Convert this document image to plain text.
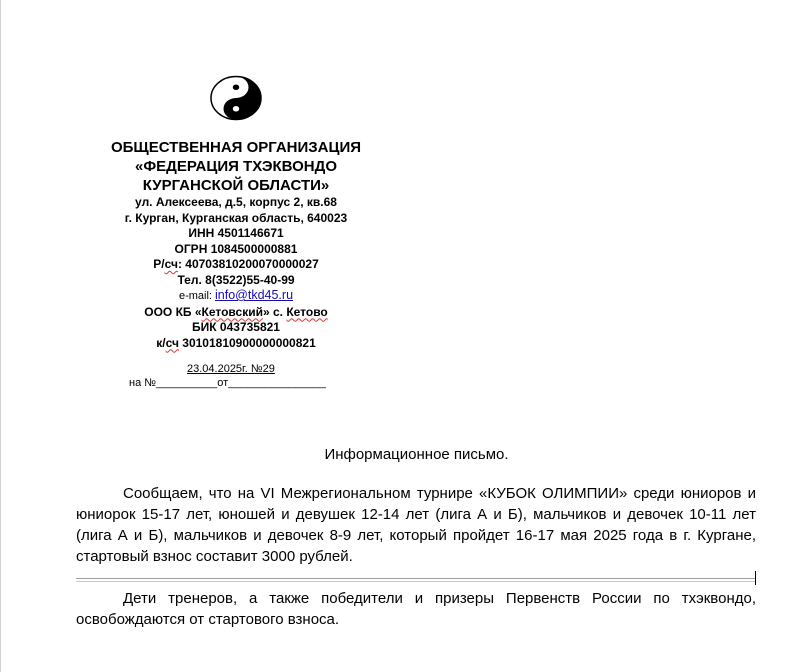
ОБЩЕСТВЕННАЯ ОРГАНИЗАЦИЯ
«ФЕДЕРАЦИЯ ТХЭКВОНДО
КУРГАНСКОЙ ОБЛАСТИ»
ул. Алексеева, д.5, корпус 2, кв.68
г. Курган, Курганская область, 640023
ИНН 4501146671
ОГРН 1084500000881
Р/сч: 40703810200070000027
Тел. 8(3522)55-40-99
e-mail: info@tkd45.ru
ООО КБ «Кетовский» с. Кетово
БИК 043735821
к/сч 30101810900000000821
23.04.2025г. №29
на №__________от________________
Информационное письмо.
Сообщаем, что на VI Межрегиональном турнире «КУБОК ОЛИМПИИ» среди юниоров и юниорок 15-17 лет, юношей и девушек 12-14 лет (лига А и Б), мальчиков и девочек 10-11 лет (лига А и Б), мальчиков и девочек 8-9 лет, который пройдет 16-17 мая 2025 года в г. Кургане, стартовый взнос составит 3000 рублей.
Дети тренеров, а также победители и призеры Первенств России по тхэквондо, освобождаются от стартового взноса.
